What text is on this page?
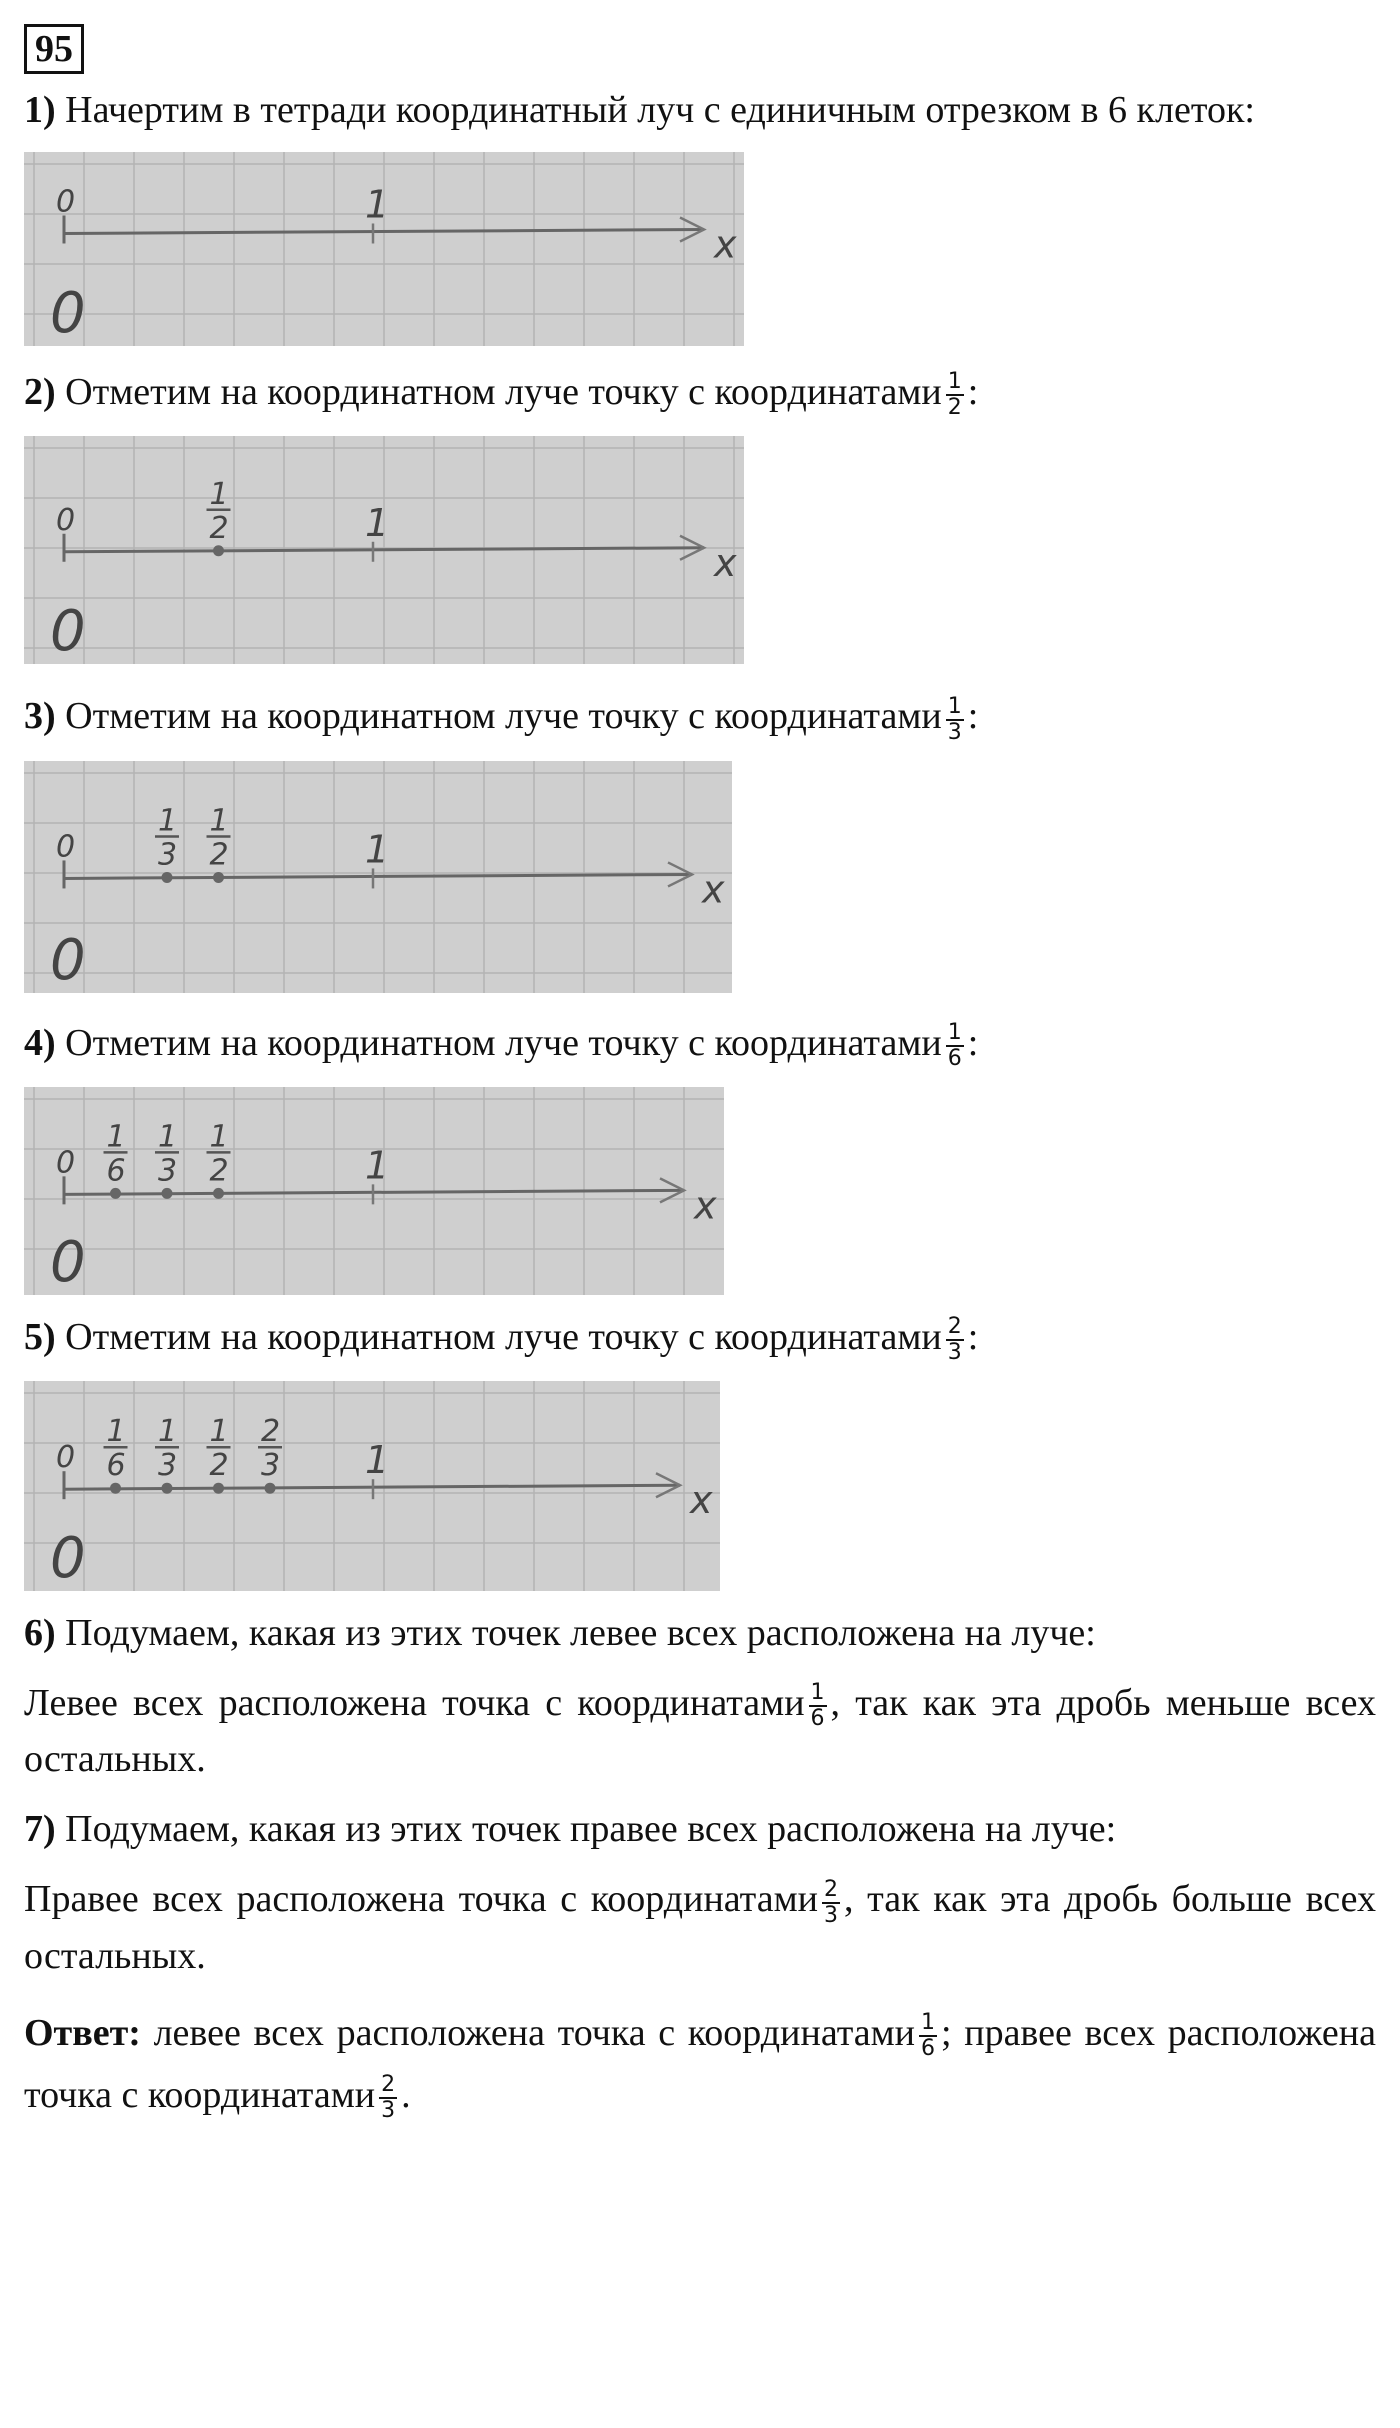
95

1) Начертим в тетради координатный луч с единичным отрезком в 6 клеток:

0
0
1
x

2) Отметим на координатном луче точку с координатами $\frac{1}{2}$ :

0
0
1
x
1
2

3) Отметим на координатном луче точку с координатами $\frac{1}{3}$ :

0
0
1
x
1
3
1
2

4) Отметим на координатном луче точку с координатами $\frac{1}{6}$ :

0
0
1
x
1
6
1
3
1
2

5) Отметим на координатном луче точку с координатами $\frac{2}{3}$ :

0
0
1
x
1
6
1
3
1
2
2
3

6) Подумаем, какая из этих точек левее всех расположена на луче:

Левее всех расположена точка с координатами $\frac{1}{6}$ , так как эта дробь меньше всех остальных.

7) Подумаем, какая из этих точек правее всех расположена на луче:

Правее всех расположена точка с координатами $\frac{2}{3}$ , так как эта дробь больше всех остальных.

Ответ: левее всех расположена точка с координатами $\frac{1}{6}$ ; правее всех расположена точка с координатами $\frac{2}{3}$ .
